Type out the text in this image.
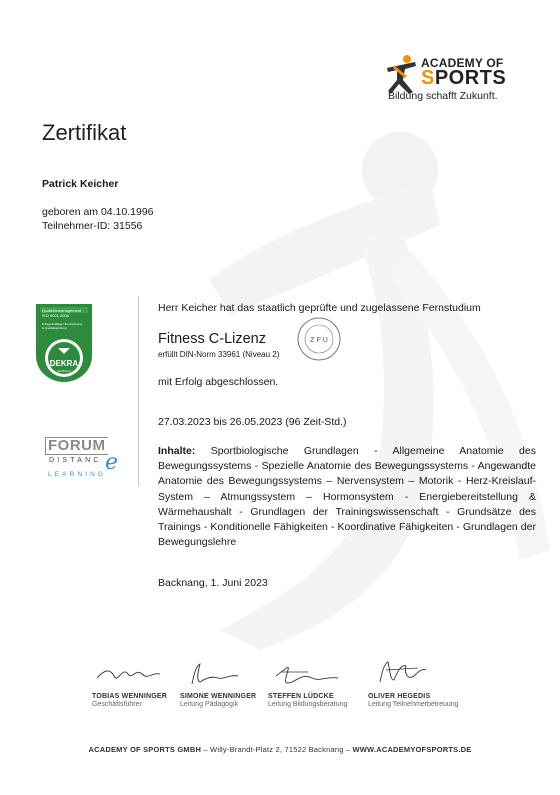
ACADEMY OF
SPORTS
Bildung schafft Zukunft.
Zertifikat
Patrick Keicher
geboren am 04.10.1996
Teilnehmer-ID: 31556
Qualitätsmanagement
ISO 9001:2008
● Regelmäßige Überwachung
● Qualitätsprüfung
DEKRA
Zertifiziert
FORUM
DISTANC e
LEARNING
Herr Keicher hat das staatlich geprüfte und zugelassene Fernstudium
Fitness C-Lizenz
erfüllt DIN-Norm 33961 (Niveau 2)
Z F U
mit Erfolg abgeschlossen.
27.03.2023 bis 26.05.2023 (96 Zeit-Std.)
Inhalte: Sportbiologische Grundlagen - Allgemeine Anatomie des Bewegungssystems - Spezielle Anatomie des Bewegungssystems - Angewandte Anatomie des Bewegungssystems – Nervensystem – Motorik - Herz-Kreislauf-System – Atmungssystem – Hormonsystem - Energiebereitstellung & Wärmehaushalt - Grundlagen der Trainingswissenschaft - Grundsätze des Trainings - Konditionelle Fähigkeiten - Koordinative Fähigkeiten - Grundlagen der Bewegungslehre
Backnang, 1. Juni 2023
TOBIAS WENNINGER
Geschäftsführer
SIMONE WENNINGER
Leitung Pädagogik
STEFFEN LÜDCKE
Leitung Bildungsberatung
OLIVER HEGEDIS
Leitung Teilnehmerbetreuung
ACADEMY OF SPORTS GMBH – Willy-Brandt-Platz 2, 71522 Backnang – WWW.ACADEMYOFSPORTS.DE
